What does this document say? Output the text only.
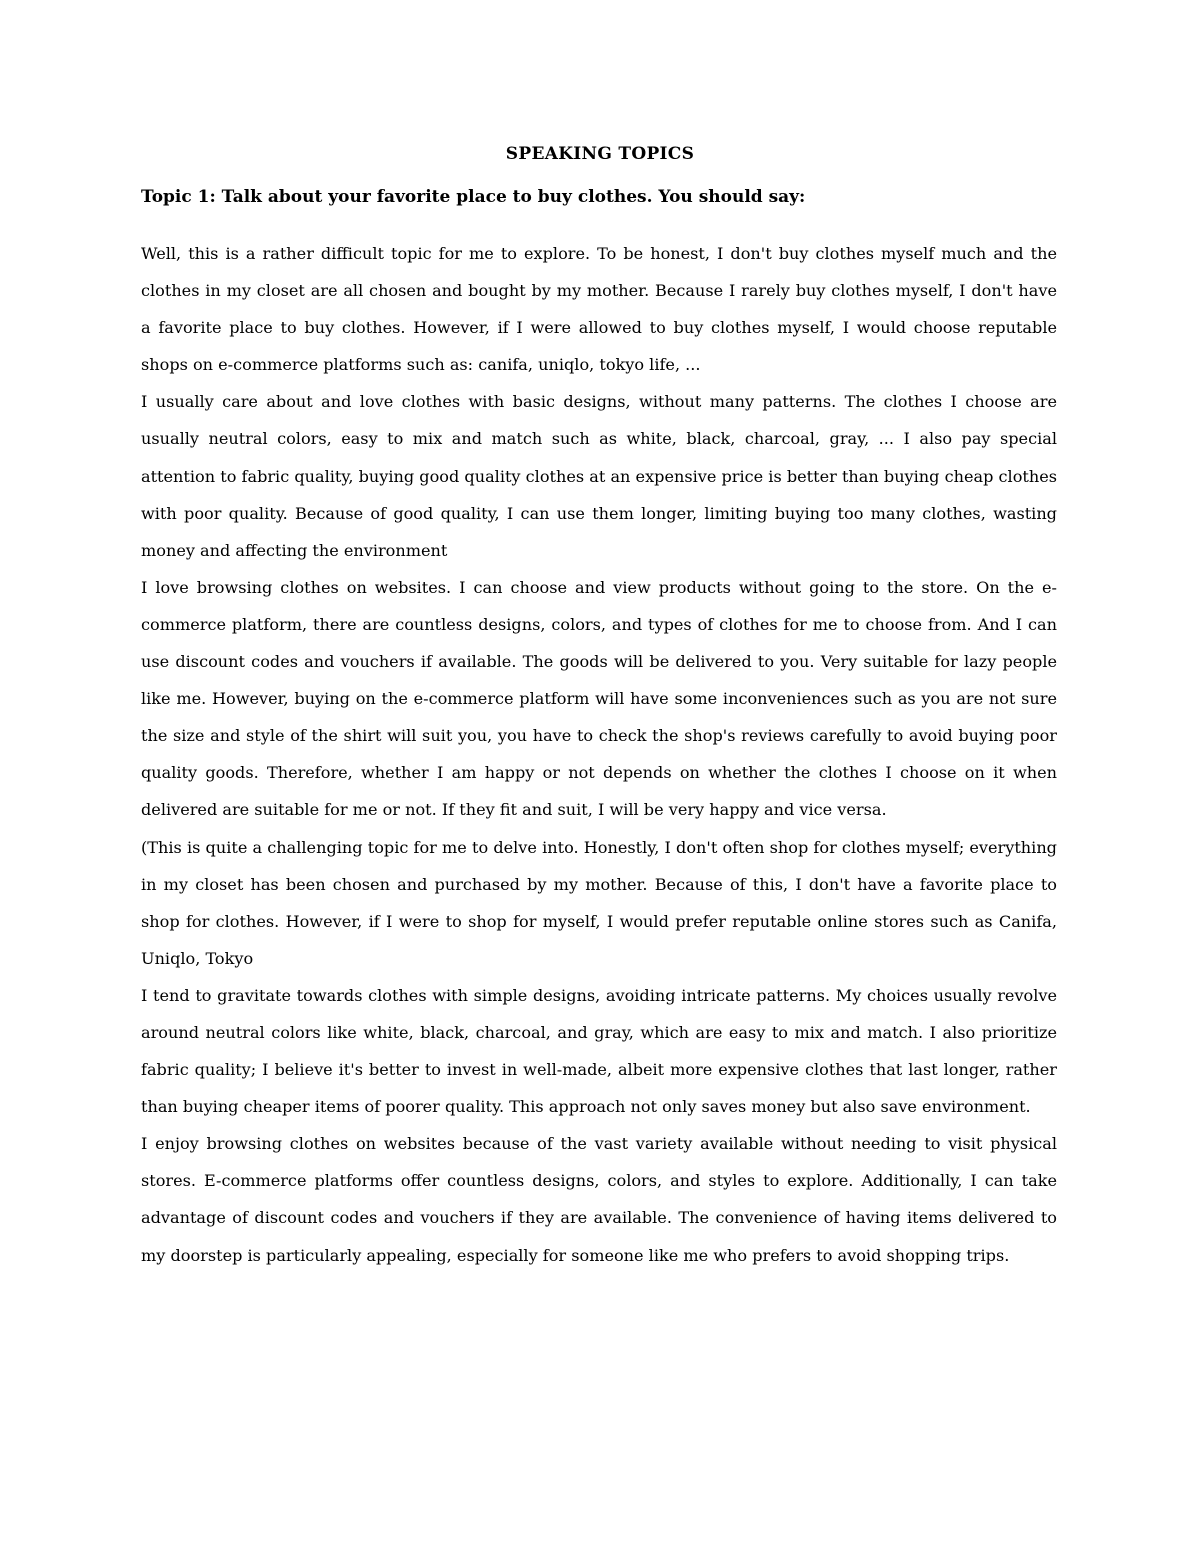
SPEAKING TOPICS
Topic 1: Talk about your favorite place to buy clothes. You should say:

Well, this is a rather difficult topic for me to explore. To be honest, I don't buy clothes myself much and the clothes in my closet are all chosen and bought by my mother. Because I rarely buy clothes myself, I don't have a favorite place to buy clothes. However, if I were allowed to buy clothes myself, I would choose reputable shops on e-commerce platforms such as: canifa, uniqlo, tokyo life, ...

I usually care about and love clothes with basic designs, without many patterns. The clothes I choose are usually neutral colors, easy to mix and match such as white, black, charcoal, gray, ... I also pay special attention to fabric quality, buying good quality clothes at an expensive price is better than buying cheap clothes with poor quality. Because of good quality, I can use them longer, limiting buying too many clothes, wasting money and affecting the environment

I love browsing clothes on websites. I can choose and view products without going to the store. On the e-commerce platform, there are countless designs, colors, and types of clothes for me to choose from. And I can use discount codes and vouchers if available. The goods will be delivered to you. Very suitable for lazy people like me. However, buying on the e-commerce platform will have some inconveniences such as you are not sure the size and style of the shirt will suit you, you have to check the shop's reviews carefully to avoid buying poor quality goods. Therefore, whether I am happy or not depends on whether the clothes I choose on it when delivered are suitable for me or not. If they fit and suit, I will be very happy and vice versa.

(This is quite a challenging topic for me to delve into. Honestly, I don't often shop for clothes myself; everything in my closet has been chosen and purchased by my mother. Because of this, I don't have a favorite place to shop for clothes. However, if I were to shop for myself, I would prefer reputable online stores such as Canifa, Uniqlo, Tokyo

I tend to gravitate towards clothes with simple designs, avoiding intricate patterns. My choices usually revolve around neutral colors like white, black, charcoal, and gray, which are easy to mix and match. I also prioritize fabric quality; I believe it's better to invest in well-made, albeit more expensive clothes that last longer, rather than buying cheaper items of poorer quality. This approach not only saves money but also save environment.

I enjoy browsing clothes on websites because of the vast variety available without needing to visit physical stores. E-commerce platforms offer countless designs, colors, and styles to explore. Additionally, I can take advantage of discount codes and vouchers if they are available. The convenience of having items delivered to my doorstep is particularly appealing, especially for someone like me who prefers to avoid shopping trips.
